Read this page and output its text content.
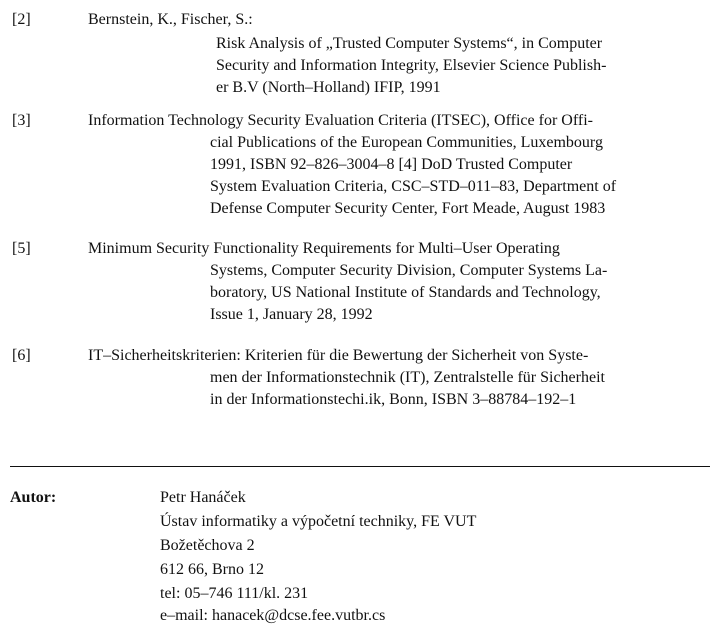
[2]	Bernstein, K., Fischer, S.:
Risk Analysis of „Trusted Computer Systems“, in Computer
Security and Information Integrity, Elsevier Science Publish-
er B.V (North–Holland) IFIP, 1991
[3]	Information Technology Security Evaluation Criteria (ITSEC), Office for Offi-
cial Publications of the European Communities, Luxembourg
1991, ISBN 92–826–3004–8 [4] DoD Trusted Computer
System Evaluation Criteria, CSC–STD–011–83, Department of
Defense Computer Security Center, Fort Meade, August 1983
[5]	Minimum Security Functionality Requirements for Multi–User Operating
Systems, Computer Security Division, Computer Systems La-
boratory, US National Institute of Standards and Technology,
Issue 1, January 28, 1992
[6]	IT–Sicherheitskriterien: Kriterien für die Bewertung der Sicherheit von Syste-
men der Informationstechnik (IT), Zentralstelle für Sicherheit
in der Informationstechi.ik, Bonn, ISBN 3–88784–192–1
Autor:	Petr Hanáček
Ústav informatiky a výpočetní techniky, FE VUT
Božetěchova 2
612 66, Brno 12
tel: 05–746 111/kl. 231
e–mail: hanacek@dcse.fee.vutbr.cs
